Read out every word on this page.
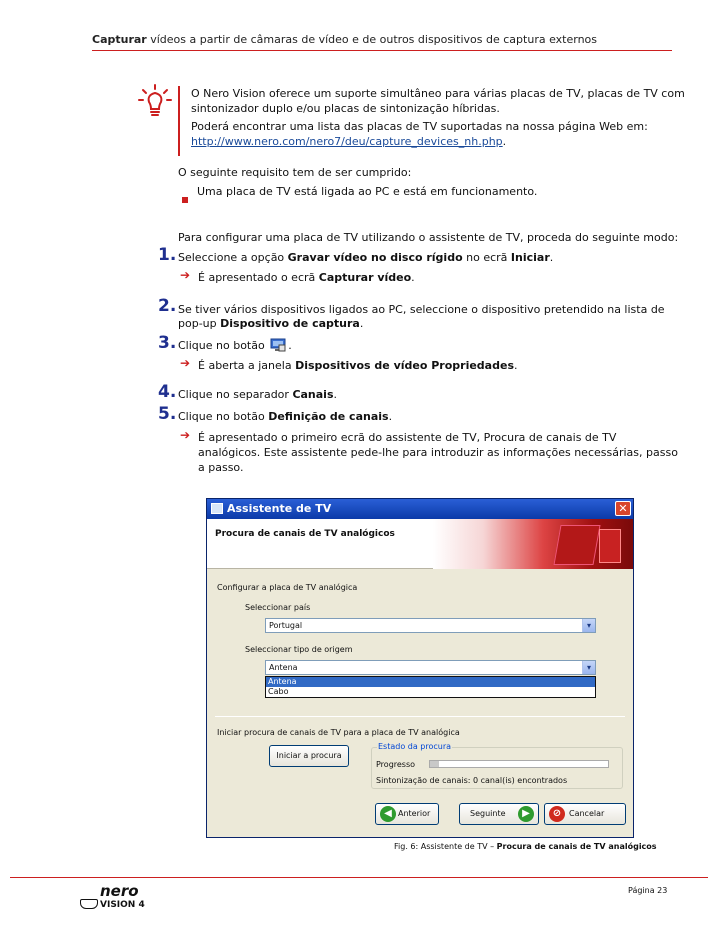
Capturar vídeos a partir de câmaras de vídeo e de outros dispositivos de captura externos
O Nero Vision oferece um suporte simultâneo para várias placas de TV, placas de TV com
sintonizador duplo e/ou placas de sintonização híbridas.
Poderá encontrar uma lista das placas de TV suportadas na nossa página Web em:
http://www.nero.com/nero7/deu/capture_devices_nh.php.
O seguinte requisito tem de ser cumprido:
Uma placa de TV está ligada ao PC e está em funcionamento.
Para configurar uma placa de TV utilizando o assistente de TV, proceda do seguinte modo:
1. Seleccione a opção Gravar vídeo no disco rígido no ecrã Iniciar.
➔ É apresentado o ecrã Capturar vídeo.
2. Se tiver vários dispositivos ligados ao PC, seleccione o dispositivo pretendido na lista de
pop-up Dispositivo de captura.
3. Clique no botão .
➔ É aberta a janela Dispositivos de vídeo Propriedades.
4. Clique no separador Canais.
5. Clique no botão Definição de canais.
➔ É apresentado o primeiro ecrã do assistente de TV, Procura de canais de TV
analógicos. Este assistente pede-lhe para introduzir as informações necessárias, passo
a passo.
Assistente de TV	✕
Procura de canais de TV analógicos
Configurar a placa de TV analógica
Seleccionar país
Portugal	▾
Seleccionar tipo de origem
Antena	▾
Antena
Cabo
Iniciar procura de canais de TV para a placa de TV analógica
Iniciar a procura
Estado da procura
Progresso
Sintonização de canais: 0 canal(is) encontrados
◀ Anterior	Seguinte	▶	⊘ Cancelar
Fig. 6: Assistente de TV – Procura de canais de TV analógicos
nero
VISION 4
Página 23
